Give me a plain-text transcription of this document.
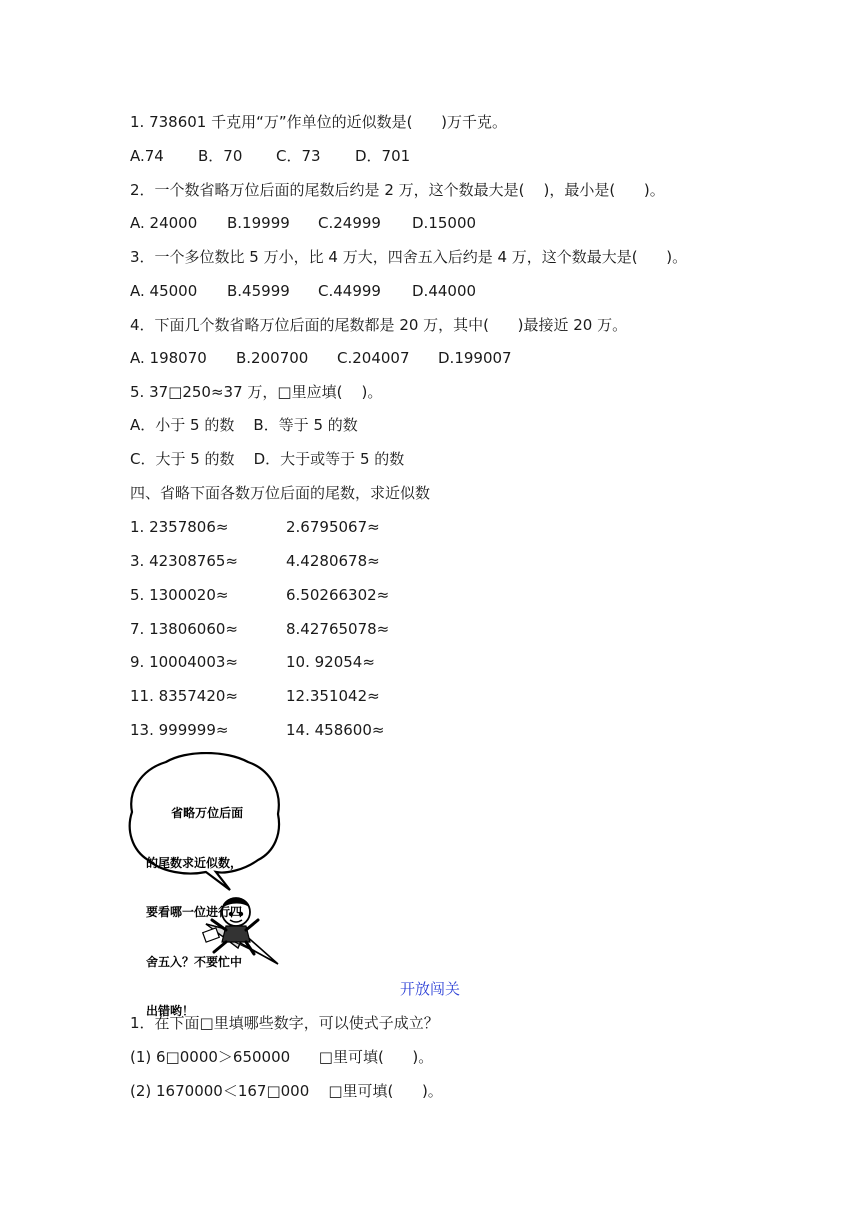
1. 738601 千克用“万”作单位的近似数是(      )万千克。
A.74 B．70 C．73 D．701
2．一个数省略万位后面的尾数后约是 2 万，这个数最大是(    )，最小是(      )。
A. 24000 B.19999 C.24999 D.15000
3．一个多位数比 5 万小，比 4 万大，四舍五入后约是 4 万，这个数最大是(      )。
A. 45000 B.45999 C.44999 D.44000
4．下面几个数省略万位后面的尾数都是 20 万，其中(      )最接近 20 万。
A. 198070 B.200700 C.204007 D.199007
5. 37□250≈37 万，□里应填(    )。
A．小于 5 的数    B．等于 5 的数
C．大于 5 的数    D．大于或等于 5 的数
四、省略下面各数万位后面的尾数，求近似数
1. 2357806≈	2.6795067≈
3. 42308765≈	4.4280678≈
5. 1300020≈	6.50266302≈
7. 13806060≈	8.42765078≈
9. 10004003≈	10. 92054≈
11. 8357420≈	12.351042≈
13. 999999≈	14. 458600≈

省略万位后面

的尾数求近似数，

要看哪一位进行四

舍五入？不要忙中

出错哟！

开放闯关
1．在下面□里填哪些数字，可以使式子成立？
(1) 6□0000＞650000      □里可填(      )。
(2) 1670000＜167□000    □里可填(      )。
